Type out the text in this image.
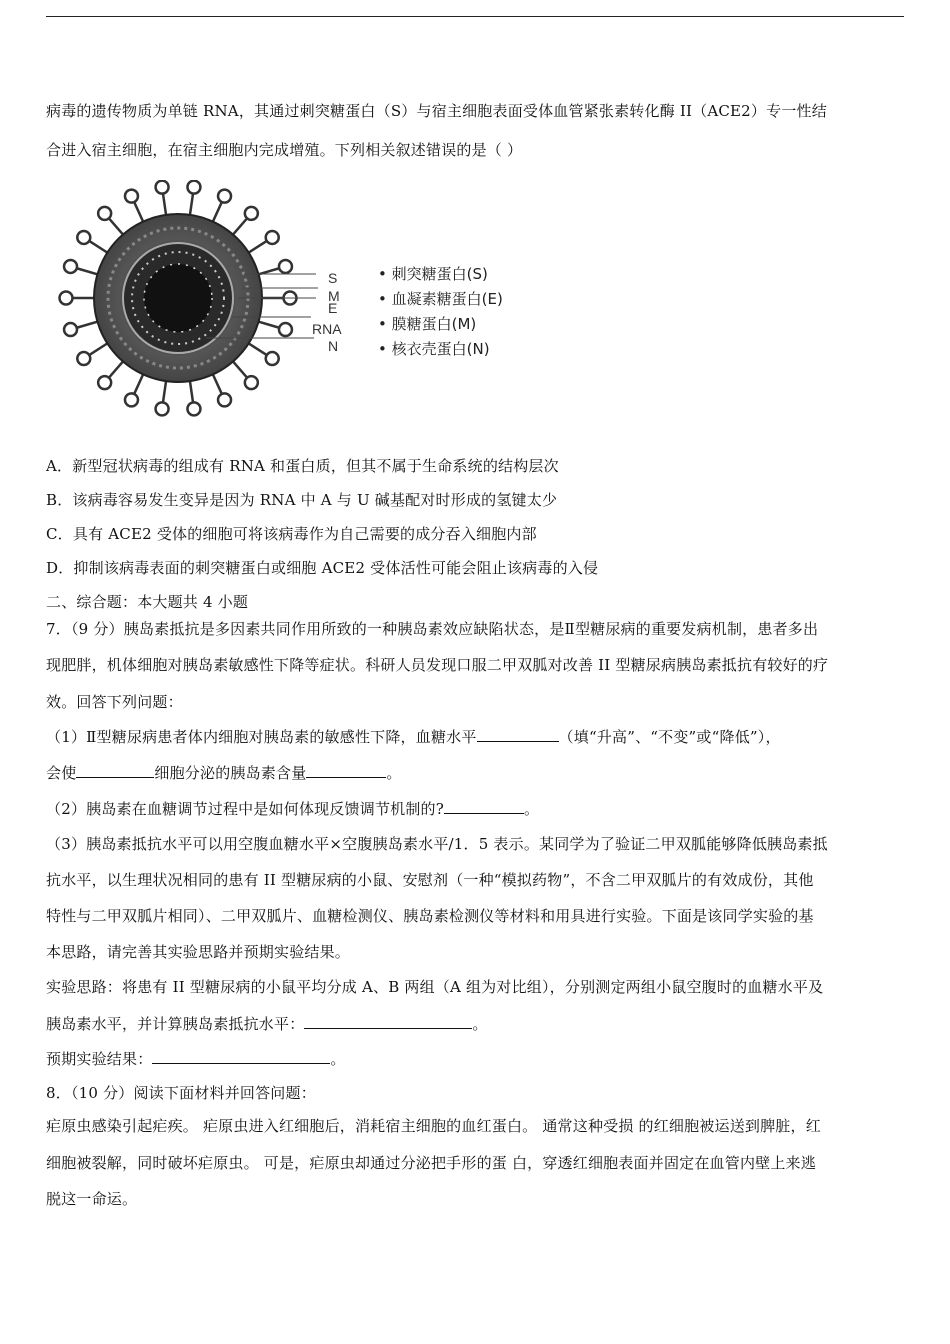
病毒的遗传物质为单链 RNA，其通过刺突糖蛋白（S）与宿主细胞表面受体血管紧张素转化酶 II（ACE2）专一性结
合进入宿主细胞，在宿主细胞内完成增殖。下列相关叙述错误的是（ ）
S
M
E
RNA
N
• 刺突糖蛋白(S)
• 血凝素糖蛋白(E)
• 膜糖蛋白(M)
• 核衣壳蛋白(N)
A．新型冠状病毒的组成有 RNA 和蛋白质，但其不属于生命系统的结构层次
B．该病毒容易发生变异是因为 RNA 中 A 与 U 碱基配对时形成的氢键太少
C．具有 ACE2 受体的细胞可将该病毒作为自己需要的成分吞入细胞内部
D．抑制该病毒表面的刺突糖蛋白或细胞 ACE2 受体活性可能会阻止该病毒的入侵
二、综合题：本大题共 4 小题
7．（9 分）胰岛素抵抗是多因素共同作用所致的一种胰岛素效应缺陷状态，是Ⅱ型糖尿病的重要发病机制，患者多出
现肥胖，机体细胞对胰岛素敏感性下降等症状。科研人员发现口服二甲双胍对改善 II 型糖尿病胰岛素抵抗有较好的疗
效。回答下列问题：
（1）Ⅱ型糖尿病患者体内细胞对胰岛素的敏感性下降，血糖水平	（填“升高”、“不变”或“降低”），
会使	细胞分泌的胰岛素含量	。
（2）胰岛素在血糖调节过程中是如何体现反馈调节机制的?	。
（3）胰岛素抵抗水平可以用空腹血糖水平×空腹胰岛素水平/1．5 表示。某同学为了验证二甲双胍能够降低胰岛素抵
抗水平，以生理状况相同的患有 II 型糖尿病的小鼠、安慰剂（一种“模拟药物”，不含二甲双胍片的有效成份，其他
特性与二甲双胍片相同）、二甲双胍片、血糖检测仪、胰岛素检测仪等材料和用具进行实验。下面是该同学实验的基
本思路，请完善其实验思路并预期实验结果。
实验思路：将患有 II 型糖尿病的小鼠平均分成 A、B 两组（A 组为对比组），分别测定两组小鼠空腹时的血糖水平及
胰岛素水平，并计算胰岛素抵抗水平：	。
预期实验结果：	。
8．（10 分）阅读下面材料并回答问题：
疟原虫感染引起疟疾。 疟原虫进入红细胞后，消耗宿主细胞的血红蛋白。 通常这种受损 的红细胞被运送到脾脏，红
细胞被裂解，同时破坏疟原虫。 可是，疟原虫却通过分泌把手形的蛋 白，穿透红细胞表面并固定在血管内壁上来逃
脱这一命运。
